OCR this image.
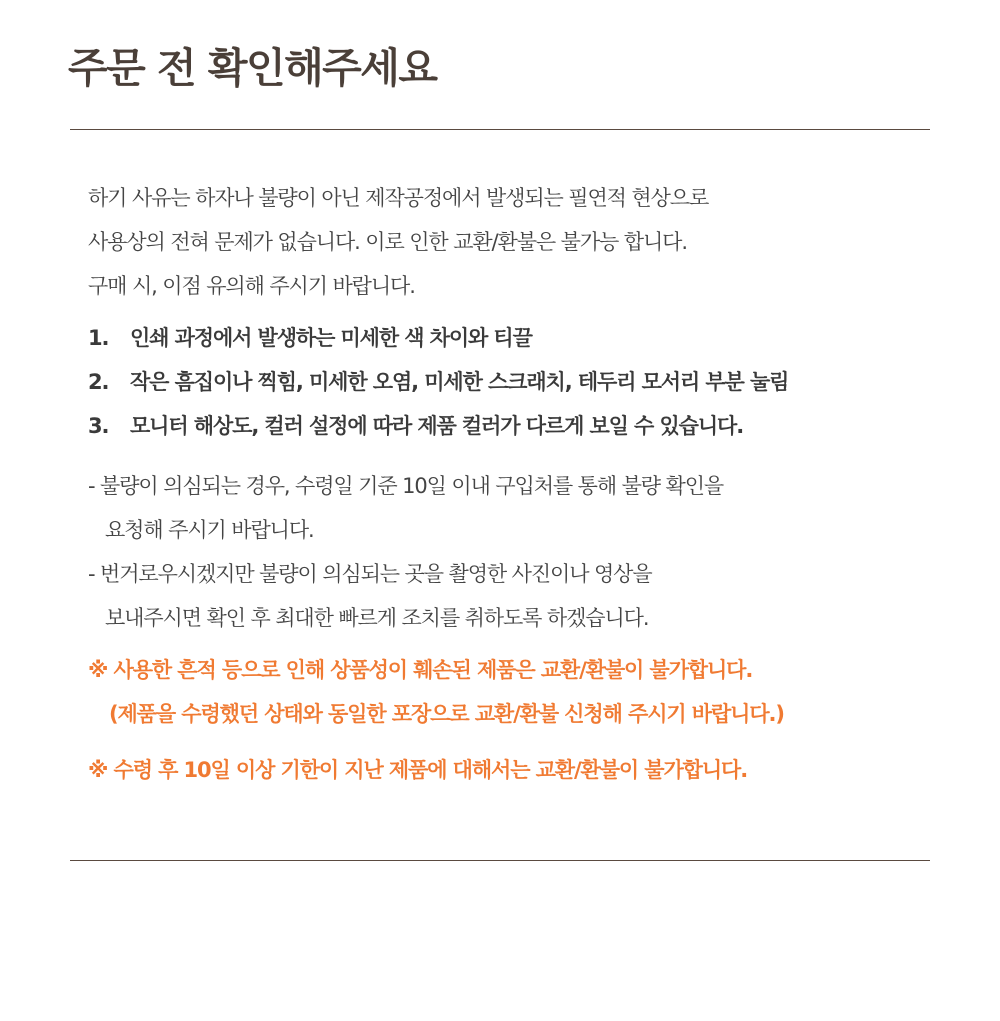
주문 전 확인해주세요
하기 사유는 하자나 불량이 아닌 제작공정에서 발생되는 필연적 현상으로
사용상의 전혀 문제가 없습니다. 이로 인한 교환/환불은 불가능 합니다.
구매 시, 이점 유의해 주시기 바랍니다.
1.	인쇄 과정에서 발생하는 미세한 색 차이와 티끌
2.	작은 흠집이나 찍힘, 미세한 오염, 미세한 스크래치, 테두리 모서리 부분 눌림
3.	모니터 해상도, 컬러 설정에 따라 제품 컬러가 다르게 보일 수 있습니다.
- 불량이 의심되는 경우, 수령일 기준 10일 이내 구입처를 통해 불량 확인을
요청해 주시기 바랍니다.
- 번거로우시겠지만 불량이 의심되는 곳을 촬영한 사진이나 영상을
보내주시면 확인 후 최대한 빠르게 조치를 취하도록 하겠습니다.
※ 사용한 흔적 등으로 인해 상품성이 훼손된 제품은 교환/환불이 불가합니다.
(제품을 수령했던 상태와 동일한 포장으로 교환/환불 신청해 주시기 바랍니다.)
※ 수령 후 10일 이상 기한이 지난 제품에 대해서는 교환/환불이 불가합니다.
